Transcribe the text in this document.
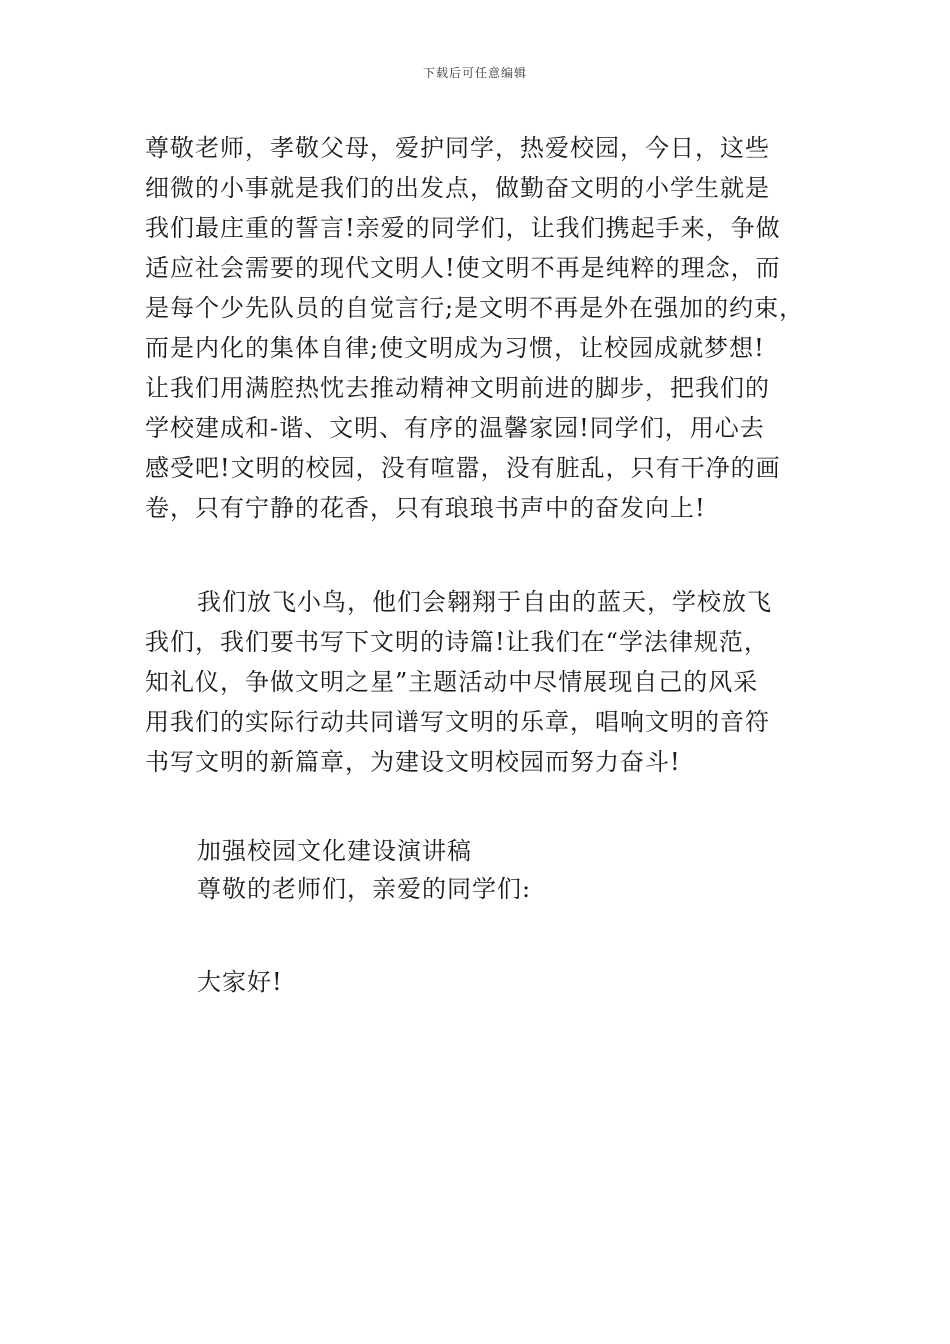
下载后可任意编辑
尊敬老师，孝敬父母，爱护同学，热爱校园，今日，这些
细微的小事就是我们的出发点，做勤奋文明的小学生就是
我们最庄重的誓言!亲爱的同学们，让我们携起手来，争做
适应社会需要的现代文明人!使文明不再是纯粹的理念，而
是每个少先队员的自觉言行;是文明不再是外在强加的约束，
而是内化的集体自律;使文明成为习惯，让校园成就梦想!
让我们用满腔热忱去推动精神文明前进的脚步，把我们的
学校建成和-谐、文明、有序的温馨家园!同学们，用心去
感受吧!文明的校园，没有喧嚣，没有脏乱，只有干净的画
卷，只有宁静的花香，只有琅琅书声中的奋发向上!
我们放飞小鸟，他们会翱翔于自由的蓝天，学校放飞
我们，我们要书写下文明的诗篇!让我们在“学法律规范，
知礼仪，争做文明之星”主题活动中尽情展现自己的风采
用我们的实际行动共同谱写文明的乐章，唱响文明的音符
书写文明的新篇章，为建设文明校园而努力奋斗!
加强校园文化建设演讲稿
尊敬的老师们，亲爱的同学们:
大家好!
